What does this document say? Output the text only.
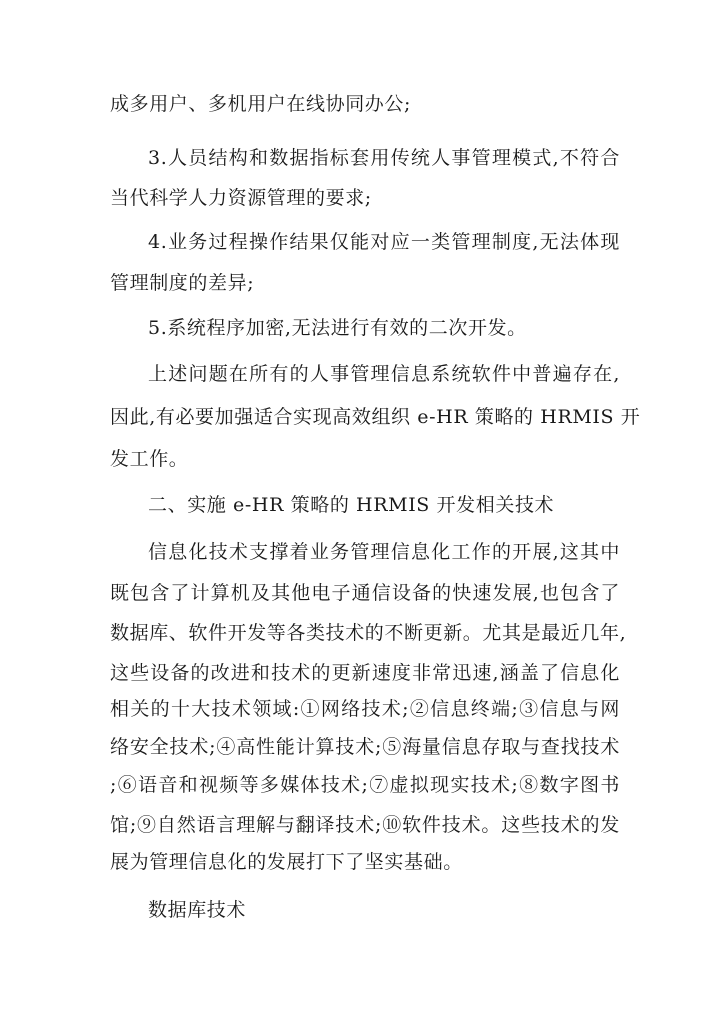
成多用户、多机用户在线协同办公;
3.人员结构和数据指标套用传统人事管理模式,不符合
当代科学人力资源管理的要求;
4.业务过程操作结果仅能对应一类管理制度,无法体现
管理制度的差异;
5.系统程序加密,无法进行有效的二次开发。
上述问题在所有的人事管理信息系统软件中普遍存在,
因此,有必要加强适合实现高效组织 e-HR 策略的 HRMIS 开
发工作。
二、实施 e-HR 策略的 HRMIS 开发相关技术
信息化技术支撑着业务管理信息化工作的开展,这其中
既包含了计算机及其他电子通信设备的快速发展,也包含了
数据库、软件开发等各类技术的不断更新。尤其是最近几年,
这些设备的改进和技术的更新速度非常迅速,涵盖了信息化
相关的十大技术领域:①网络技术;②信息终端;③信息与网
络安全技术;④高性能计算技术;⑤海量信息存取与查找技术
;⑥语音和视频等多媒体技术;⑦虚拟现实技术;⑧数字图书
馆;⑨自然语言理解与翻译技术;⑩软件技术。这些技术的发
展为管理信息化的发展打下了坚实基础。
数据库技术
